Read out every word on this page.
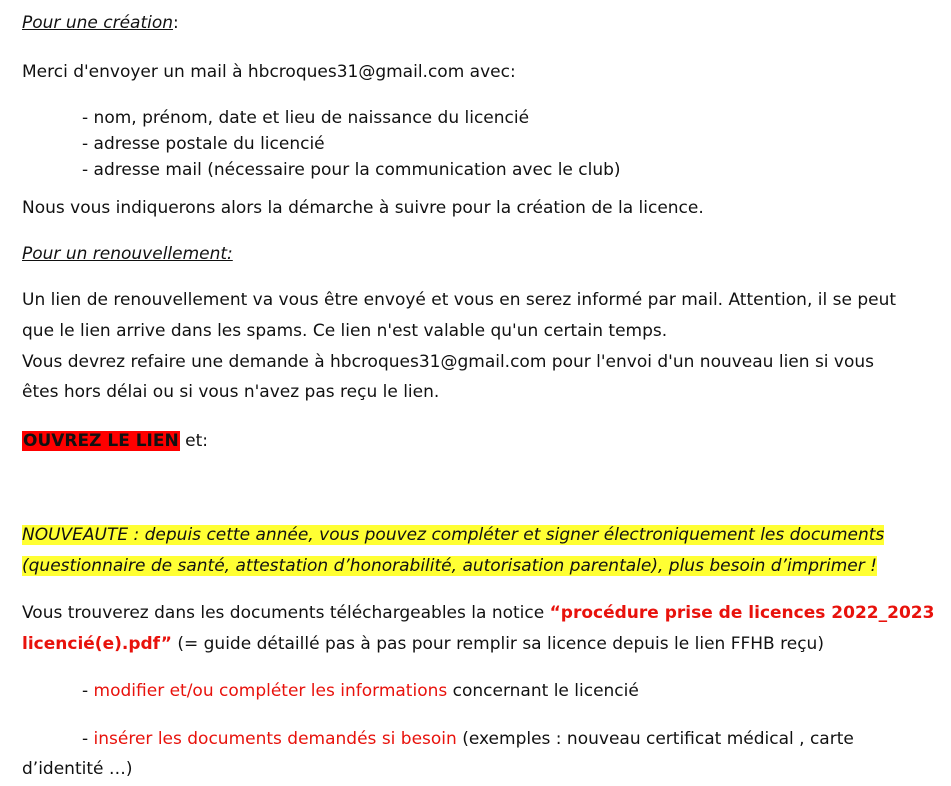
Pour une création:

Merci d'envoyer un mail à hbcroques31@gmail.com avec:

- nom, prénom, date et lieu de naissance du licencié

- adresse postale du licencié

- adresse mail (nécessaire pour la communication avec le club)

Nous vous indiquerons alors la démarche à suivre pour la création de la licence.

Pour un renouvellement:

Un lien de renouvellement va vous être envoyé et vous en serez informé par mail. Attention, il se peut

que le lien arrive dans les spams. Ce lien n'est valable qu'un certain temps.

Vous devrez refaire une demande à hbcroques31@gmail.com pour l'envoi d'un nouveau lien si vous

êtes hors délai ou si vous n'avez pas reçu le lien.

OUVREZ LE LIEN et:

NOUVEAUTE : depuis cette année, vous pouvez compléter et signer électroniquement les documents

(questionnaire de santé, attestation d’honorabilité, autorisation parentale), plus besoin d’imprimer !

Vous trouverez dans les documents téléchargeables la notice “procédure prise de licences 2022_2023

licencié(e).pdf” (= guide détaillé pas à pas pour remplir sa licence depuis le lien FFHB reçu)

- modifier et/ou compléter les informations concernant le licencié

- insérer les documents demandés si besoin (exemples : nouveau certificat médical , carte

d’identité …)
